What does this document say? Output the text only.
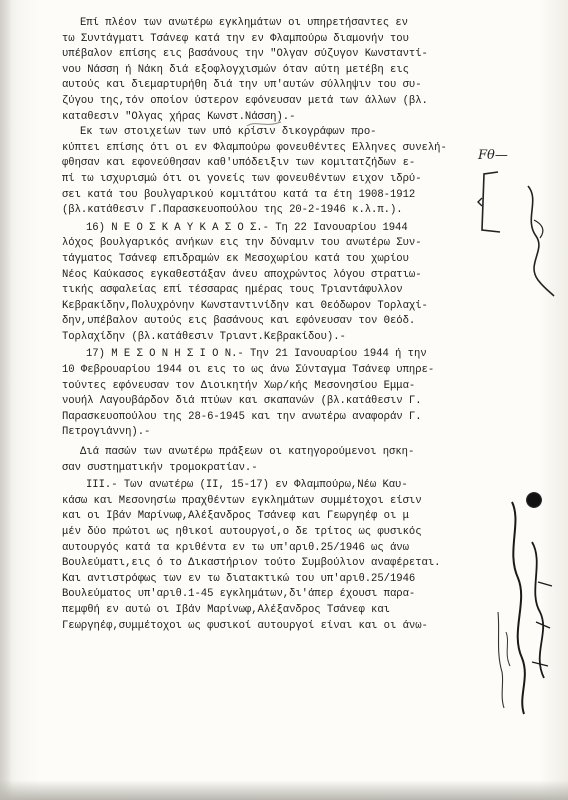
Επί πλέον των ανωτέρω εγκλημάτων οι υπηρετήσαντες εν
τω Συντάγματι Τσάνεφ κατά την εν Φλαμπούρω διαμονήν του
υπέβαλον επίσης εις βασάνους την "Ολγαν σύζυγον Κωνσταντί-
νου Νάσση ή Νάκη διά εξοφλογχισμών όταν αύτη μετέβη εις
αυτούς και διεμαρτυρήθη διά την υπ'αυτών σύλληψιν του συ-
ζύγου της,τόν οποίον ύστερον εφόνευσαν μετά των άλλων (βλ.
καταθεσιν "Ολγας χήρας Κωνστ.Νάσση).-
Εκ των στοιχείων των υπό κρίσιν δικογράφων προ-
κύπτει επίσης ότι οι εν Φλαμπούρω φονευθέντες Ελληνες συνελή-
φθησαν και εφονεύθησαν καθ'υπόδειξιν των κομιτατζήδων ε-
πί τω ισχυρισμώ ότι οι γονείς των φονευθέντων ειχον ιδρύ-
σει κατά του βουλγαρικού κομιτάτου κατά τα έτη 1908-1912
(βλ.κατάθεσιν Γ.Παρασκευοπούλου της 20-2-1946 κ.λ.π.).
16) Ν Ε Ο Σ Κ Α Υ Κ Α Σ Ο Σ.- Τη 22 Ιανουαρίου 1944
λόχος βουλγαρικός ανήκων εις την δύναμιν του ανωτέρω Συν-
τάγματος Τσάνεφ επιδραμών εκ Μεσοχωρίου κατά του χωρίου
Νέος Καύκασος εγκαθεστάξαν άνευ αποχρώντος λόγου στρατιω-
τικής ασφαλείας επί τέσσαρας ημέρας τους Τριαντάφυλλον
Κεβρακίδην,Πολυχρόνην Κωνσταντινίδην και Θεόδωρον Τορλαχί-
δην,υπέβαλον αυτούς εις βασάνους και εφόνευσαν τον Θεόδ.
Τορλαχίδην (βλ.κατάθεσιν Τριαντ.Κεβρακίδου).-
17) Μ Ε Σ Ο Ν Η Σ Ι Ο Ν.- Την 21 Ιανουαρίου 1944 ή την
10 Φεβρουαρίου 1944 οι εις το ως άνω Σύνταγμα Τσάνεφ υπηρε-
τούντες εφόνευσαν τον Διοικητήν Χωρ/κής Μεσονησίου Εμμα-
νουήλ Λαγουβάρδον διά πτύων και σκαπανών (βλ.κατάθεσιν Γ.
Παρασκευοπούλου της 28-6-1945 και την ανωτέρω αναφοράν Γ.
Πετρογιάννη).-
Διά πασών των ανωτέρω πράξεων οι κατηγορούμενοι ησκη-
σαν συστηματικήν τρομοκρατίαν.-
III.- Των ανωτέρω (ΙΙ, 15-17) εν Φλαμπούρω,Νέω Καυ-
κάσω και Μεσονησίω πραχθέντων εγκλημάτων συμμέτοχοι είσιν
και οι Ιβάν Μαρίνωφ,Αλέξανδρος Τσάνεφ και Γεωργηέφ οι μ
μέν δύο πρώτοι ως ηθικοί αυτουργοί,ο δε τρίτος ως φυσικός
αυτουργός κατά τα κριθέντα εν τω υπ'αριθ.25/1946 ως άνω
Βουλεύματι,εις ό το Δικαστήριον τούτο Συμβούλιον αναφέρεται.
Και αντιστρόφως των εν τω διατακτικώ του υπ'αριθ.25/1946
Βουλεύματος υπ'αριθ.1-45 εγκλημάτων,δι'άπερ έχουσι παρα-
πεμφθή εν αυτώ οι Ιβάν Μαρίνωφ,Αλέξανδρος Τσάνεφ και
Γεωργηέφ,συμμέτοχοι ως φυσικοί αυτουργοί είναι και οι άνω-
Fθ—
